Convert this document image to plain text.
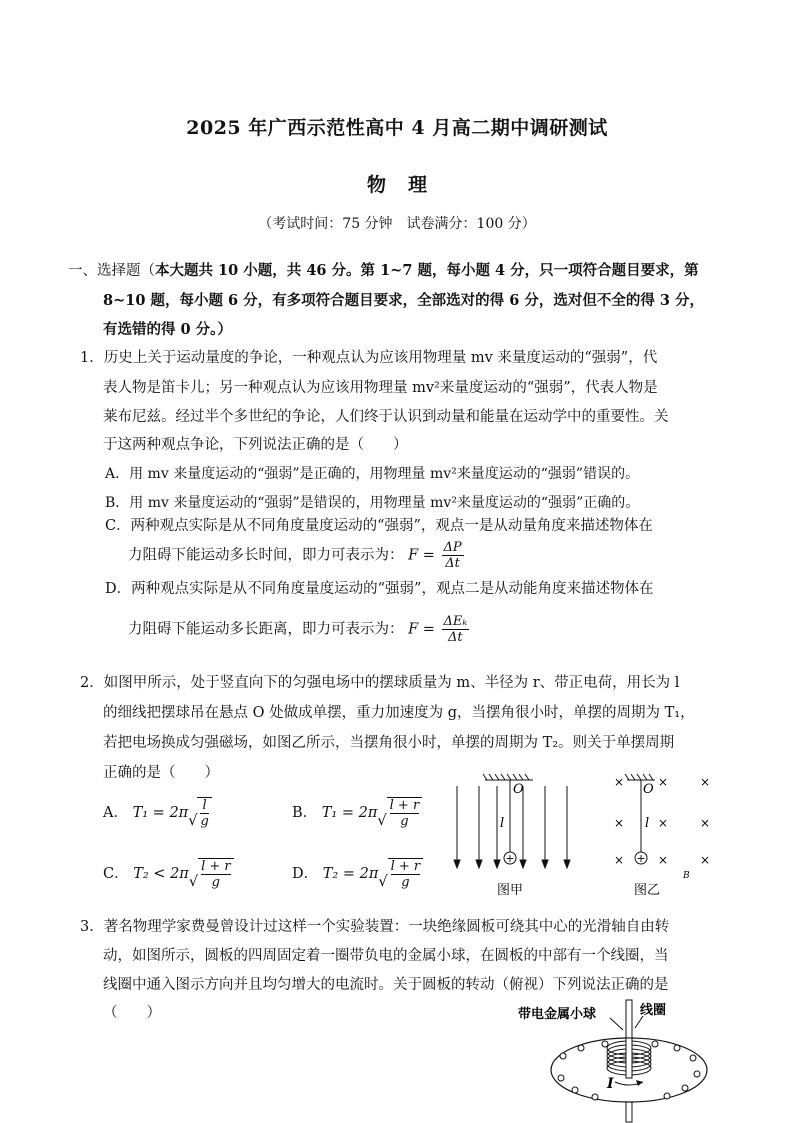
2025 年广西示范性高中 4 月高二期中调研测试
物理
（考试时间：75 分钟　试卷满分：100 分）
一、选择题（本大题共 10 小题，共 46 分。第 1~7 题，每小题 4 分，只一项符合题目要求，第
8~10 题，每小题 6 分，有多项符合题目要求，全部选对的得 6 分，选对但不全的得 3 分，
有选错的得 0 分。）
1．历史上关于运动量度的争论，一种观点认为应该用物理量 mv 来量度运动的“强弱”，代
表人物是笛卡儿；另一种观点认为应该用物理量 mv²来量度运动的“强弱”，代表人物是
莱布尼兹。经过半个多世纪的争论，人们终于认识到动量和能量在运动学中的重要性。关
于这两种观点争论，下列说法正确的是（　　）
A．用 mv 来量度运动的“强弱”是正确的，用物理量 mv²来量度运动的“强弱”错误的。
B．用 mv 来量度运动的“强弱”是错误的，用物理量 mv²来量度运动的“强弱”正确的。
C．两种观点实际是从不同角度量度运动的“强弱”，观点一是从动量角度来描述物体在
力阻碍下能运动多长时间，即力可表示为： $F = \frac{\Delta P}{\Delta t}$
D．两种观点实际是从不同角度量度运动的“强弱”，观点二是从动能角度来描述物体在
力阻碍下能运动多长距离，即力可表示为： $F = \frac{\text{ΔEₖ}}{\Delta t}$
2．如图甲所示，处于竖直向下的匀强电场中的摆球质量为 m、半径为 r、带正电荷，用长为 l
的细线把摆球吊在悬点 O 处做成单摆，重力加速度为 g，当摆角很小时，单摆的周期为 T₁，
若把电场换成匀强磁场，如图乙所示，当摆角很小时，单摆的周期为 T₂。则关于单摆周期
正确的是（　　）
A． $T_1 = 2\pi√ \frac{l}{g}$	B． $T_1 = 2\pi√ \frac{l + r}{g}$
C． $T_2 < 2\pi√ \frac{l + r}{g}$	D． $T_2 = 2\pi√ \frac{l + r}{g}$	+
O
l
图甲
×	×	×
×	×	×
×	×	×
+
O
l
B
图乙
3．著名物理学家费曼曾设计过这样一个实验装置：一块绝缘圆板可绕其中心的光滑轴自由转
动，如图所示，圆板的四周固定着一圈带负电的金属小球，在圆板的中部有一个线圈，当
线圈中通入图示方向并且均匀增大的电流时。关于圆板的转动（俯视）下列说法正确的是
（　　）	带电金属小球	线圈
I
